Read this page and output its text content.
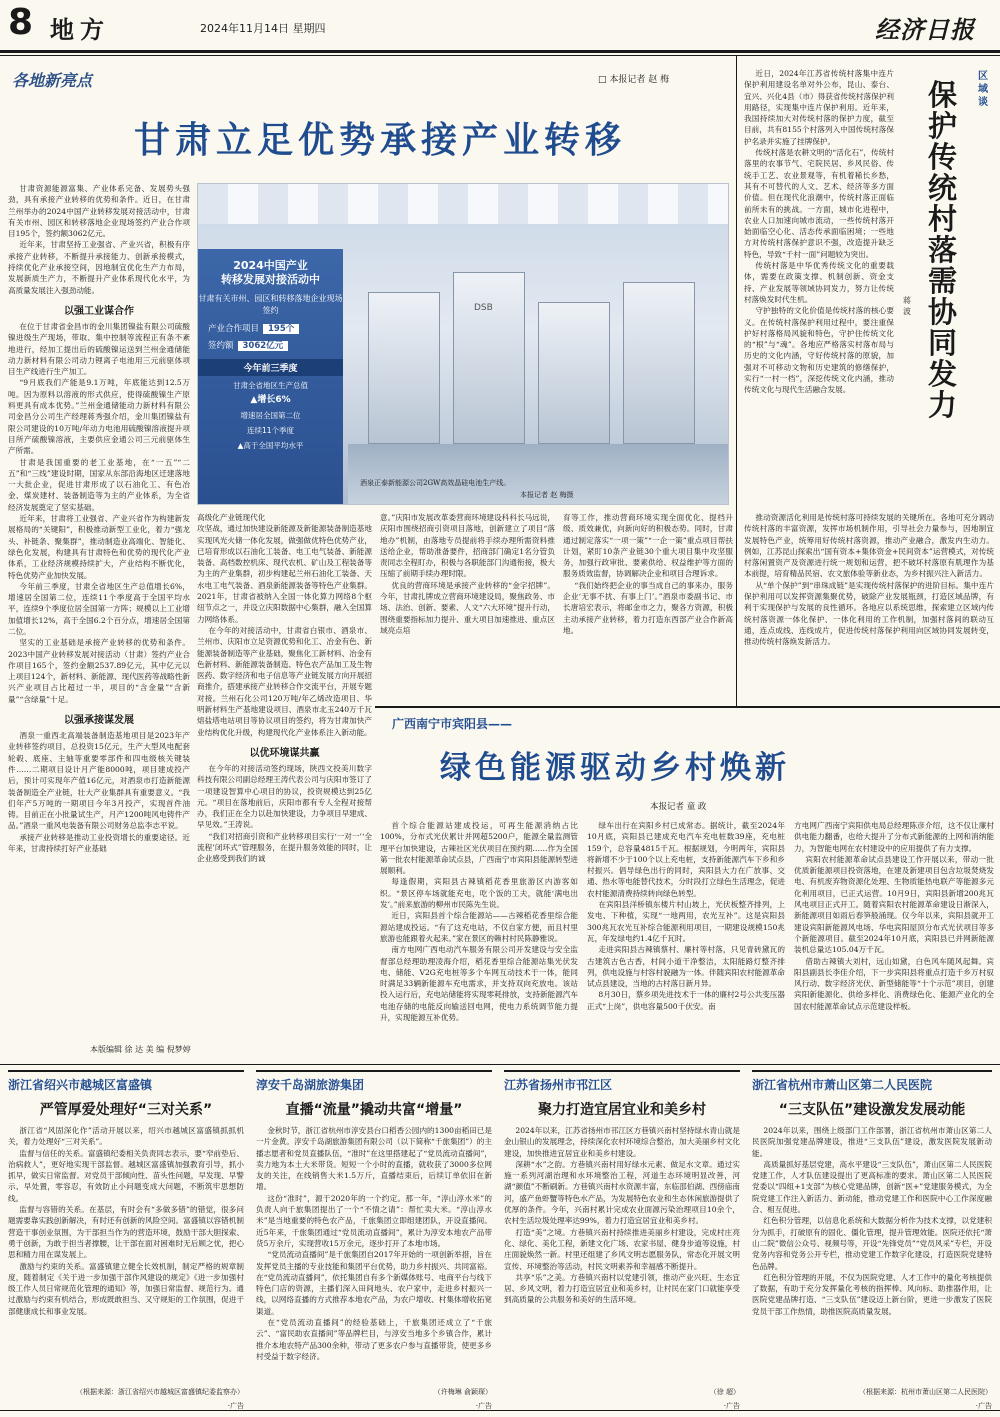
8 地方	2024年11月14日 星期四	经济日报
各地新亮点	□ 本报记者 赵 梅
甘肃立足优势承接产业转移

甘肃资源能源富集、产业体系完备、发展势头强劲，具有承接产业转移的优势和条件。近日，在甘肃兰州举办的2024中国产业转移发展对接活动中，甘肃有关市州、园区和转移落地企业现场签约产业合作项目195个，签约额3062亿元。

近年来，甘肃坚持工业强省、产业兴省，积极有序承接产业转移，不断提升承接能力、创新承接模式，持续优化产业承接空间，因地制宜优化生产力布局，发展新质生产力，不断提升产业体系现代化水平，为高质量发展注入强劲动能。

以强工业谋合作

在位于甘肃省金昌市的金川集团镍盐有限公司硫酸镍进级生产现场，带取、集中控制等流程正有条不紊地进行，经加工提出后的硫酸镍运送到兰州金通储能动力新材料有限公司动力锂离子电池用三元前驱体项目生产线进行生产加工。

“9月底我们产能是9.1万吨，年底能达到12.5万吨。因为原料以溶液的形式供应，使得硫酸镍生产原料更具有成本优势。”兰州金通储能动力新材料有限公司金昌分公司生产经理蒋秀强介绍，金川集团镍盐有限公司建设的10万吨/年动力电池用硫酸镍溶液提升项目所产硫酸镍溶液，主要供应金通公司三元前驱体生产所需。

甘肃是我国重要的老工业基地，在“一五”“二五”和“三线”建设时期，国家从东部沿海地区迁建落地一大批企业，促进甘肃形成了以石油化工、有色冶金、煤炭建材、装备制造等为主的产业体系，为全省经济发展奠定了坚实基础。

近年来，甘肃将工业强省、产业兴省作为构建新发展格局的“关键阳”，积极推动新型工业化，着力“强龙头、补链条、聚集群”，推动制造业高端化、智能化、绿色化发展，构建具有甘肃特色和优势的现代化产业体系，工业经济规模持续扩大，产业结构不断优化，特色优势产业加快发展。

今年前三季度，甘肃全省地区生产总值增长6%，增速居全国第二位，连续11个季度高于全国平均水平，连续9个季度位居全国第一方阵；规模以上工业增加值增长12%，高于全国6.2个百分点，增速居全国第二位。

坚实的工业基础是承接产业转移的优势和条件。2023中国产业转移发展对接活动（甘肃）签约产业合作项目165个，签约金额2537.89亿元，其中亿元以上项目124个，新材料、新能源、现代医药等战略性新兴产业项目占比超过一半，项目的“含金量”“含新量”“含绿量”十足。

以强承接谋发展

酒泉一重西北高端装备制造基地项目是2023年产业转移签约项目，总投资15亿元，生产大型风电配套轮毂、底座、主轴等重要零部件和四电级核关键装件……二期项目设计月产能8000吨，项目建成投产后，预计可实现年产值16亿元，对酒泉市打造新能源装备制造全产业链，壮大产业集群具有重要意义。“我们年产5万吨的一期项目今年3月投产，实现首件油铸。目前正在小批量试生产，月产1200吨风电铸件产品。”酒泉一重风电装备有限公司财务总监李志平说。

承接产业转移是推动工业投资增长的重要途径。近年来，甘肃持续打好产业基础

DSB
2024中国产业
转移发展对接活动中
甘肃有关市州、园区和转移落地企业现场签约
产业合作项目 195个
签约额 3062亿元
今年前三季度
甘肃全省地区生产总值
▲增长6%
增速居全国第二位
连续11个季度
▲高于全国平均水平
酒泉正泰新能源公司2GW高效晶硅电池生产线。
本报记者 赵 梅摄

高级化产业链现代化

攻坚战，通过加快建设新能源及新能源装备制造基地实现风光火储一体化发展，做强做优特色优势产业，已培育形成以石油化工装备、电工电气装备、新能源装备、高档数控机床、现代农机、矿山及工程装备等为主的产业集群，初步构建起兰州石油化工装备、天水电工电气装备、酒泉新能源装备等特色产业集群。2021年，甘肃省被纳入全国一体化算力网络8个枢纽节点之一，并设立庆阳数据中心集群，融入全国算力网络体系。

在今年的对接活动中，甘肃省白银市、酒泉市、兰州市、庆阳市立足资源优势和化工、冶金有色、新能源装备制造等产业基础，聚焦化工新材料、冶金有色新材料、新能源装备制造、特色农产品加工及生物医药、数字经济和电子信息等产业链发展方向开展招商推介，搭建承接产业转移合作交流平台，开展专题对接。兰州石化公司120万吨/年乙烯改造项目、华明新材料生产基地建设项目、酒泉市北玉240万千瓦熔盐塔电站项目等协议项目的签约，将为甘肃加快产业结构优化升级，构建现代化产业体系注入新动能。

以优环境谋共赢

在今年的对接活动签约现场，陕西文投美川数字科技有限公司副总经理王涛代表公司与庆阳市签订了一项建设智算中心项目的协议，投资规模达到25亿元。“项目在落地前后，庆阳市都有专人全程对接帮办，我们正在全力以赴加快建设，力争项目早建成、早见效。”王涛说。

“我们对招商引资和产业转移项目实行‘一对一’‘全流程’闭环式”管理服务，在提升服务效能的同时，让企业感受到我们的诚

意。”庆阳市发展改革委营商环境建设科科长马远说，庆阳市围绕招商引资项目落地，创新建立了项目“落地办”机制，由落地专员提前将手续办理所需资料推送给企业，帮助准备要件，招商部门确定1名分管负责同志全程盯办，积极与各职能部门沟通衔接，极大压缩了前期手续办理时限。

优良的营商环境是承接产业转移的“金字招牌”。今年，甘肃扎牌成立营商环境建设局，聚焦政务、市场、法治、创新、要素、人文“六大环境”提升行动，围绕重要指标加力提升、重大项目加速推进、重点区域亮点培

育等工作，推动营商环境实现全面优化、提档升级、质效兼优，向新向好的积极态势。同时，甘肃通过制定落实“一项一策”“一企一策”重点项目帮扶计划，紧盯10条产业链30个重大项目集中攻坚服务，加强行政审批、要素供给、权益维护等方面的服务质效监督，协调解决企业和项目合理诉求。

“我们始终把企业的事当成自己的事来办，服务企业‘无事不扰、有事上门’。”酒泉市委副书记、市长唐培宏表示，将邮金市之力，聚各方资源，积极主动承接产业转移，着力打造东西部产业合作新高地。

区域谈
保护传统村落需协同发力
蒋 波

近日，2024年江苏省传统村落集中连片保护利用建设名单对外公布，昆山、泰台、宜兴、兴化4县（市）得获省传统村落保护利用路径，实现集中连片保护利用。近年来，我国持续加大对传统村落的保护力度，截至目前，共有8155个村落列入中国传统村落保护名录并实施了挂牌保护。

传统村落是农耕文明的“活化石”，传统村落里的农事节气、宅院民居、乡风民俗、传统手工艺、农业景观等，有机着稀长乡愁，其有不可替代的人文、艺术、经济等多方面价值。但在现代化浪潮中，传统村落正面临前所未有的挑战。一方面，城市化进程中，农业人口加速向城市流动，一些传统村落开始面临空心化、活态传承面临困境；一些地方对传统村落保护意识不强，改造提升缺乏特色，导致“千村一面”问题较为突出。

传统村落是中华优秀传统文化的重要载体，需要在政策支撑、机制创新、资金支持、产业发展等领域协同发力，努力让传统村落焕发时代生机。

守护独特的文化价值是传统村落的核心要义。在传统村落保护利用过程中，要注重保护好村落格局风貌和特色，守护住传统文化的“根”与“魂”。各地应严格落实村落布局与历史的文化内涵，守好传统村落的原貌，加强对不可移动文物和历史建筑的修缮保护，实行“一村一档”，深挖传统文化内涵，推动传统文化与现代生活融合发展。

推动资源活化利用是传统村落可持续发展的关键所在。各地可充分调动传统村落的丰富资源，发挥市场机制作用，引导社会力量参与，因地制宜发展特色产业，统筹用好传统村落资源，推动产业融合，激发内生动力。例如，江苏昆山探索出“国有资本+集体资金+民间资本”运营模式，对传统村落闲置资产及资源进行统一规划和运营，把不破坏村落原有肌理作为基本前提，培育精品民宿、农文旅体验等新业态，为乡村振兴注入新活力。

从“单个保护”到“串珠成链”是实现传统村落保护的进阶目标。集中连片保护利用可以发挥资源集聚优势，破除产业发展瓶颈，打造区域品牌，有利于实现保护与发展的良性循环。各地应以系统思维，探索建立区域内传统村落资源一体化保护、一体化利用的工作机制，加强村落间的联动互通，连点成线、连线成片，促进传统村落保护利用向区域协同发展转变，推动传统村落焕发新活力。

广西南宁市宾阳县——
绿色能源驱动乡村焕新
本报记者 童 政

首个综合能源站建成投运，可再生能源消纳占比100%，分布式光伏累计并网超5200户，能源全量监测管理平台加快建设，古辣社区光伏项目在预约期……作为全国第一批农村能源革命试点县，广西南宁市宾阳县能源转型进展顺利。

每逢假期，宾阳县古辣镇稻花香里旅游区内游客如织。“景区停车场就能充电，吃个饭的工夫，就能‘满电出发’。”前来旅游的柳州市民陈先生说。

近日，宾阳县首个综合能源站——古辣稻花香里综合能源站建成投运。“有了这充电站，不仅自家方便，而且村里旅游也能跟着火起来。”家在景区的赖村村民陈静雅说。

南方电网广西电动汽车服务有限公司开发建设与安全监督部总经理助理凌海介绍，稻花香里综合能源站集光伏发电、储能、V2G充电桩等多个车网互动技术于一体，能同时满足33辆新能源车充电需求，并支持双向充放电。该站投入运行后，充电站储能将实现零耗排放，支持新能源汽车电池存储的电能反向输送回电网，使电力系统调节能力提升，实现能源互补优势。

绿车出行在宾阳乡村已成常态。据统计，截至2024年10月底，宾阳县已建成充电汽车充电桩数39座，充电桩159个，总容量4815千瓦。根据规划，今明两年，宾阳县将新增不少于100个以上充电桩，支持新能源汽车下乡和乡村振兴。倡导绿色出行的同时，宾阳县大力在广放事、交通、热水等电能替代技术，分时段打立绿色生活理念，促进农村能源清费持续转向绿色转型。

在宾阳县洋桥镇东楼片村山坡上，光伏板整齐排列，上发电、下种植，实现“一地两用，农光互补”。这是宾阳县300兆瓦农光互补综合能源利用项目，一期建设规模150兆瓦，年发绿电约1.4亿千瓦时。

走进宾阳县古辣镇蔡村、廉村等村落，只见青砖黛瓦的古建筑古色古香，村间小道干净整洁，太阳能路灯整齐排列，供电设施与村容村貌融为一体。伴随宾阳农村能源革命试点县建设，当地的古村落日新月异。

8月30日，蔡乡项先进技术于一体的廉村2号公共变压器正式“上岗”，供电容量500千伏安。南

方电网广西南宁宾阳供电局总经理陈彦介绍，这不仅让廉村供电能力翻番，也给大提升了分布式新能源的上网和消纳能力，为智能电网在农村建设中的应用提供了有力支撑。

宾阳农村能源革命试点县建设工作开展以来，带动一批优质新能源项目投资落地，在建及新建项目包含垃圾焚烧发电、有机废弃物资源化处理、生物质能热电联产等能源多元化利用项目，已正式运营。10月9日，宾阳县新增200兆瓦风电项目正式开工。随着宾阳农村能源革命建设日渐深入，新能源项目如雨后春笋般涌现。仅今年以来，宾阳县就开工建设宾阳新能源风电场、华电宾阳屋顶分布式光伏项目等多个新能源项目。截至2024年10月底，宾阳县已并网新能源装机总量达105.04万千瓦。

借助古辣镇大刘村，远山如黛，白色风车随风起舞。宾阳县副县长李佳介绍，下一步宾阳县将重点打造千乡万村驭风行动、数字经济光伏、新型储能等“十个示范”项目，创建宾阳新能源化、供给多样化、消费绿色化、能源产业化的全国农村能源革命试点示范建设样板。

本版编辑 徐 达 美 编 倪梦婷
浙江省绍兴市越城区富盛镇
严管厚爱处理好“三对关系”

浙江省“风固深化作”活动开展以来，绍兴市越城区富盛镇抓抓机关，着力处理好“三对关系”。

监督与信任的关系。富盛镇纪委相关负责同志表示，要“窄前垫后、治病救人”，更好地实现干部监督。越城区富盛镇加强教育引导，抓小抓早，做实日常监督。对党员干部倾向性、苗头性问题，早发现、早警示、早处置，零容忍，有效防止小问题变成大问题，不断筑牢思想防线。

监督与容错的关系。在基层，有时会有“多做多错”的错觉，很多问题需要靠实践创新解决，有时还有创新的风险空间。富盛镇以容错机制营造干事创业氛围，为干部担当作为的营造环境，鼓励干部大胆探索、勇于创新，为敢于担当者撑腰，让干部在面对困难时无后顾之忧，把心思和精力用在谋发展上。

激励与约束的关系。富盛镇建立健全长效机制，制定严格的规章制度，随着制定《关于进一步加强干部作风建设的规定》《进一步加强村级工作人员日常规范化管理的通知》等，加强日常监督、规范行为。通过激励与约束有机结合，形成既敢担当、又守规矩的工作氛围，促进干部健康成长和事业发展。

（根据来源：浙江省绍兴市越城区富盛镇纪委监察办）
·广告
淳安千岛湖旅游集团
直播“流量”撬动共富“增量”

金秋时节，浙江省杭州市淳安县台口稻香公园内的1300亩稻田已是一片金黄。淳安千岛湖旅游集团有限公司（以下简称“千旅集团”）的主播志愿者和党员直播队伍，“准时”在这里搭建起了“党员流动直播间”，卖力地为本土大米带货。短短一个小时的直播，就收获了3000多位网友的关注，在线销售大米1.5万斤，直播结束后，后续订单依旧在新增。

这份“准时”，源于2020年的一个约定。那一年，“淳山淳水米”的负责人向千旅集团提出了一个“不情之请”：帮忙卖大米。“淳山淳水米”是当地重要的特色农产品，千旅集团立即组建团队，开设直播间。近5年来，千旅集团通过“党员流动直播间”，累计为淳安本地农产品带货5万余斤，实现营收15万余元，逐步打开了本地市场。

“党员流动直播间”是千旅集团自2017年开始的一项创新举措，旨在发挥党员主播的专业技能和集团平台优势，助力乡村振兴、共同富裕。在“党员流动直播间”，依托集团自有多个新媒体账号、电商平台与线下特色门店的资源，主播们深入田间地头、农户家中，走进乡村振兴一线，以网络直播的方式推荐本地农产品，为农户增收、村集体增收拓宽渠道。

在“党员流动直播间”的经验基础上，千旅集团还成立了“千旅云”、“富民助农直播间”等品牌栏目，与淳安当地多个乡镇合作，累计推介本地农特产品300余种，带动了更多农户参与直播带货，使更多乡村受益于数字经济。

（许梅琳 俞颖琛）
·广告
江苏省扬州市邗江区
聚力打造宜居宜业和美乡村

2024年以来，江苏省扬州市邗江区方巷镇兴南村坚持绿水青山就是金山银山的发展理念，持续深化农村环境综合整治，加大美丽乡村文化建设，加快推进宜居宜业和美乡村建设。

深耕“水”之韵。方巷镇兴南村用好绿水元素、做足水文章。通过实施一系列河湖治理和水环境整治工程，河道生态环境明显改善，河湖“颜值”不断刷新。方巷镇兴南村水资源丰富，东临邵伯湖、西傍庙南河，盛产鱼虾蟹等特色水产品，为发展特色农业和生态休闲旅游提供了优厚的条件。今年，兴南村累计完成农业面源污染治理项目10余个，农村生活垃圾处理率达99%，着力打造宜居宜业和美乡村。

打造“美”之境。方巷镇兴南村持续推进美丽乡村建设，完成村庄亮化、绿化、美化工程，新建文化广场、农家书屋、健身步道等设施，村庄面貌焕然一新。村里还组建了乡风文明志愿服务队，常态化开展文明宣传、环境整治等活动，村民文明素养和幸福感不断提升。

共享“乐”之美。方巷镇兴南村以党建引领，推动产业兴旺、生态宜居、乡风文明，着力打造宜居宜业和美乡村，让村民在家门口就能享受到高质量的公共服务和美好的生活环境。

（徐 超）
·广告
浙江省杭州市萧山区第二人民医院
“三支队伍”建设激发发展动能

2024年以来，围绕上级部门工作部署，浙江省杭州市萧山区第二人民医院加强党建品牌建设，推进“三支队伍”建设，激发医院发展新动能。

高质量抓好基层党建，高水平建设“三支队伍”，萧山区第二人民医院党建工作，人才队伍建设提出了更高标准的要求。萧山区第二人民医院党委以“四组+1支部”为核心党建品牌，创新“医+”党建服务模式，为全院党建工作注入新活力、新动能，推动党建工作和医院中心工作深度融合、相互促进。

红色积分管理，以信息化系统和大数据分析作为技术支撑，以党建积分为抓手，打破原有的固化、僵化管理，提升管理效能。医院还依托“萧山二院”微信公众号、视频号等，开设“先锋党员”“党员风采”专栏，开设党务内容和党务公开专栏，推动党建工作数字化建设，打造医院党建特色品牌。

红色积分管理的开展，不仅为医院党建、人才工作中的量化考核提供了数据，有助于充分发挥量化考核的指挥棒、风向标、助推器作用，让医院党建品牌打造、“三支队伍”建设迈上新台阶，更进一步激发了医院党员干部工作热情，助推医院高质量发展。

（根据来源：杭州市萧山区第二人民医院）
·广告
